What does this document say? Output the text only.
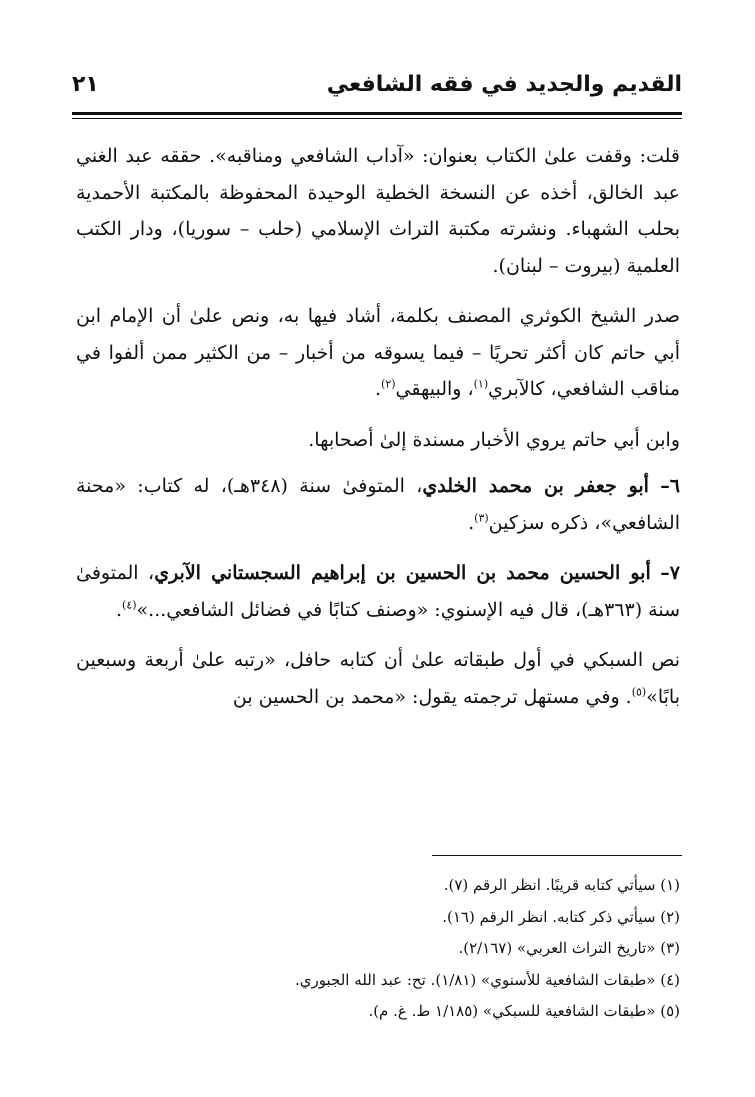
القديم والجديد في فقه الشافعي
٢١

قلت: وقفت علىٰ الكتاب بعنوان: «آداب الشافعي ومناقبه». حققه عبد الغني عبد الخالق، أخذه عن النسخة الخطية الوحيدة المحفوظة بالمكتبة الأحمدية بحلب الشهباء. ونشرته مكتبة التراث الإسلامي (حلب – سوريا)، ودار الكتب العلمية (بيروت – لبنان).

صدر الشيخ الكوثري المصنف بكلمة، أشاد فيها به، ونص علىٰ أن الإمام ابن أبي حاتم كان أكثر تحريًا – فيما يسوقه من أخبار – من الكثير ممن ألفوا في مناقب الشافعي، كالآبري$^{(١)}$، والبيهقي$^{(٢)}$.

وابن أبي حاتم يروي الأخبار مسندة إلىٰ أصحابها.

٦– أبو جعفر بن محمد الخلدي، المتوفىٰ سنة (٣٤٨هـ)، له كتاب: «محنة الشافعي»، ذكره سزكين$^{(٣)}$.

٧– أبو الحسين محمد بن الحسين بن إبراهيم السجستاني الآبري، المتوفىٰ سنة (٣٦٣هـ)، قال فيه الإسنوي: «وصنف كتابًا في فضائل الشافعي...»$^{(٤)}$.

نص السبكي في أول طبقاته علىٰ أن كتابه حافل، «رتبه علىٰ أربعة وسبعين بابًا»$^{(٥)}$. وفي مستهل ترجمته يقول: «محمد بن الحسين بن

(١) سيأتي كتابه قريبًا. انظر الرقم (٧).
(٢) سيأتي ذكر كتابه. انظر الرقم (١٦).
(٣) «تاريخ التراث العربي» (٢/١٦٧).
(٤) «طبقات الشافعية للأسنوي» (١/٨١). تح: عبد الله الجبوري.
(٥) «طبقات الشافعية للسبكي» (١/١٨٥ ط. غ. م).
